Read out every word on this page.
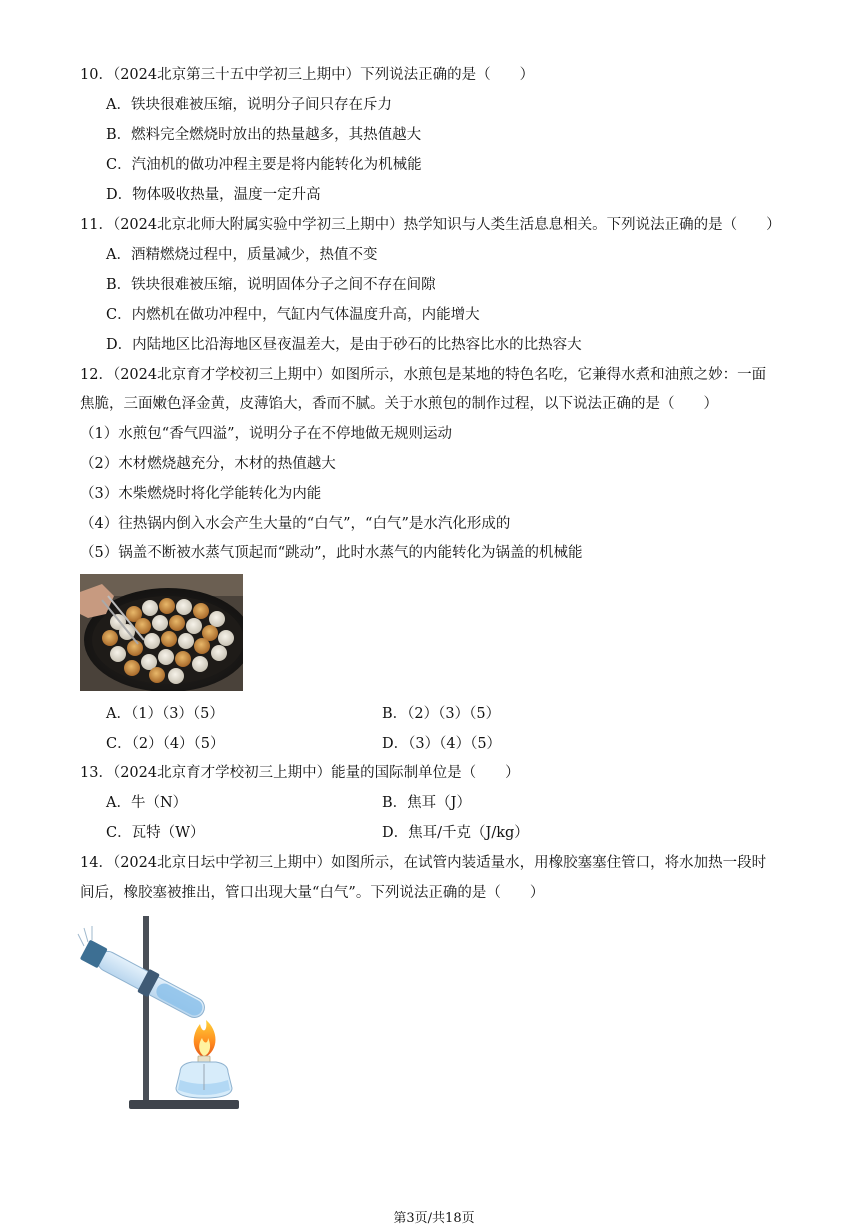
10．（2024北京第三十五中学初三上期中）下列说法正确的是（　　）
A．铁块很难被压缩，说明分子间只存在斥力
B．燃料完全燃烧时放出的热量越多，其热值越大
C．汽油机的做功冲程主要是将内能转化为机械能
D．物体吸收热量，温度一定升高
11．（2024北京北师大附属实验中学初三上期中）热学知识与人类生活息息相关。下列说法正确的是（　　）
A．酒精燃烧过程中，质量减少，热值不变
B．铁块很难被压缩，说明固体分子之间不存在间隙
C．内燃机在做功冲程中，气缸内气体温度升高，内能增大
D．内陆地区比沿海地区昼夜温差大，是由于砂石的比热容比水的比热容大
12．（2024北京育才学校初三上期中）如图所示，水煎包是某地的特色名吃，它兼得水煮和油煎之妙：一面
焦脆，三面嫩色泽金黄，皮薄馅大，香而不腻。关于水煎包的制作过程，以下说法正确的是（　　）
（1）水煎包“香气四溢”，说明分子在不停地做无规则运动
（2）木材燃烧越充分，木材的热值越大
（3）木柴燃烧时将化学能转化为内能
（4）往热锅内倒入水会产生大量的“白气”，“白气”是水汽化形成的
（5）锅盖不断被水蒸气顶起而“跳动”，此时水蒸气的内能转化为锅盖的机械能
A．（1）（3）（5）	B．（2）（3）（5）
C．（2）（4）（5）	D．（3）（4）（5）
13．（2024北京育才学校初三上期中）能量的国际制单位是（　　）
A．牛（N）	B．焦耳（J）
C．瓦特（W）	D．焦耳/千克（J/kg）
14．（2024北京日坛中学初三上期中）如图所示，在试管内装适量水，用橡胶塞塞住管口，将水加热一段时
间后，橡胶塞被推出，管口出现大量“白气”。下列说法正确的是（　　）
第3页/共18页
